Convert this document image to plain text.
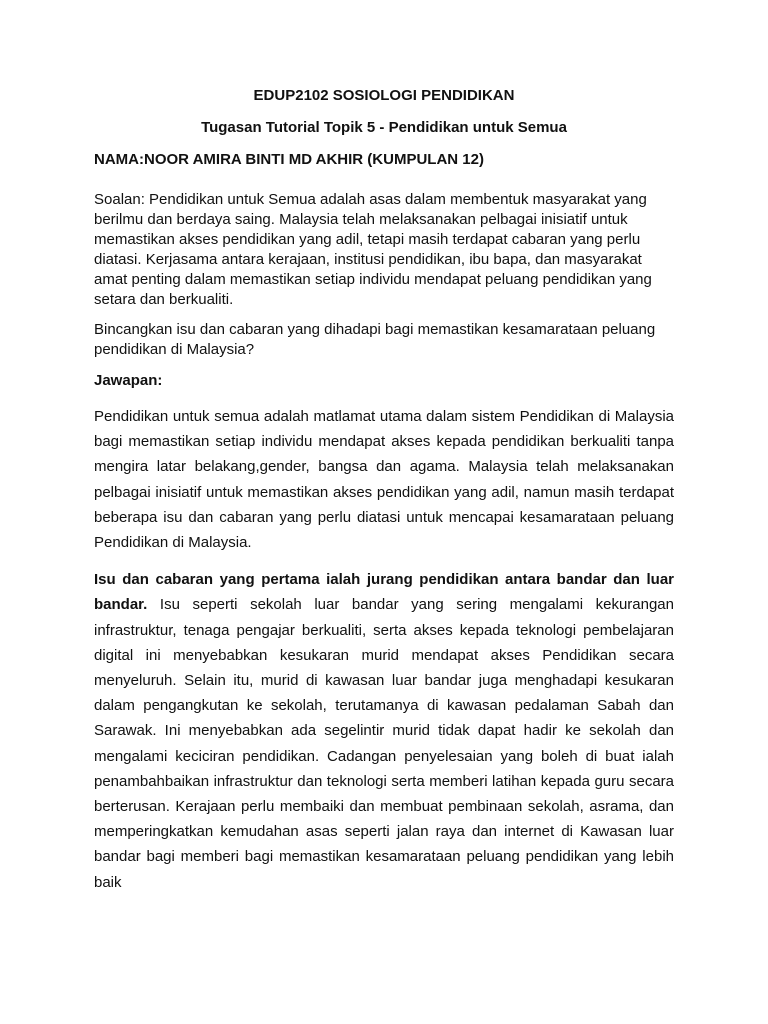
EDUP2102 SOSIOLOGI PENDIDIKAN

Tugasan Tutorial Topik 5 - Pendidikan untuk Semua

NAMA:NOOR AMIRA BINTI MD AKHIR (KUMPULAN 12)

Soalan: Pendidikan untuk Semua adalah asas dalam membentuk masyarakat yang berilmu dan berdaya saing. Malaysia telah melaksanakan pelbagai inisiatif untuk memastikan akses pendidikan yang adil, tetapi masih terdapat cabaran yang perlu diatasi. Kerjasama antara kerajaan, institusi pendidikan, ibu bapa, dan masyarakat amat penting dalam memastikan setiap individu mendapat peluang pendidikan yang setara dan berkualiti.

Bincangkan isu dan cabaran yang dihadapi bagi memastikan kesamarataan peluang pendidikan di Malaysia?

Jawapan:

Pendidikan untuk semua adalah matlamat utama dalam sistem Pendidikan di Malaysia bagi memastikan setiap individu mendapat akses kepada pendidikan berkualiti tanpa mengira latar belakang,gender, bangsa dan agama. Malaysia telah melaksanakan pelbagai inisiatif untuk memastikan akses pendidikan yang adil, namun masih terdapat beberapa isu dan cabaran yang perlu diatasi untuk mencapai kesamarataan peluang Pendidikan di Malaysia.

Isu dan cabaran yang pertama ialah jurang pendidikan antara bandar dan luar bandar. Isu seperti sekolah luar bandar yang sering mengalami kekurangan infrastruktur, tenaga pengajar berkualiti, serta akses kepada teknologi pembelajaran digital ini menyebabkan kesukaran murid mendapat akses Pendidikan secara menyeluruh. Selain itu, murid di kawasan luar bandar juga menghadapi kesukaran dalam pengangkutan ke sekolah, terutamanya di kawasan pedalaman Sabah dan Sarawak. Ini menyebabkan ada segelintir murid tidak dapat hadir ke sekolah dan mengalami keciciran pendidikan. Cadangan penyelesaian yang boleh di buat ialah penambahbaikan infrastruktur dan teknologi serta memberi latihan kepada guru secara berterusan. Kerajaan perlu membaiki dan membuat pembinaan sekolah, asrama, dan memperingkatkan kemudahan asas seperti jalan raya dan internet di Kawasan luar bandar bagi memberi bagi memastikan kesamarataan peluang pendidikan yang lebih baik
